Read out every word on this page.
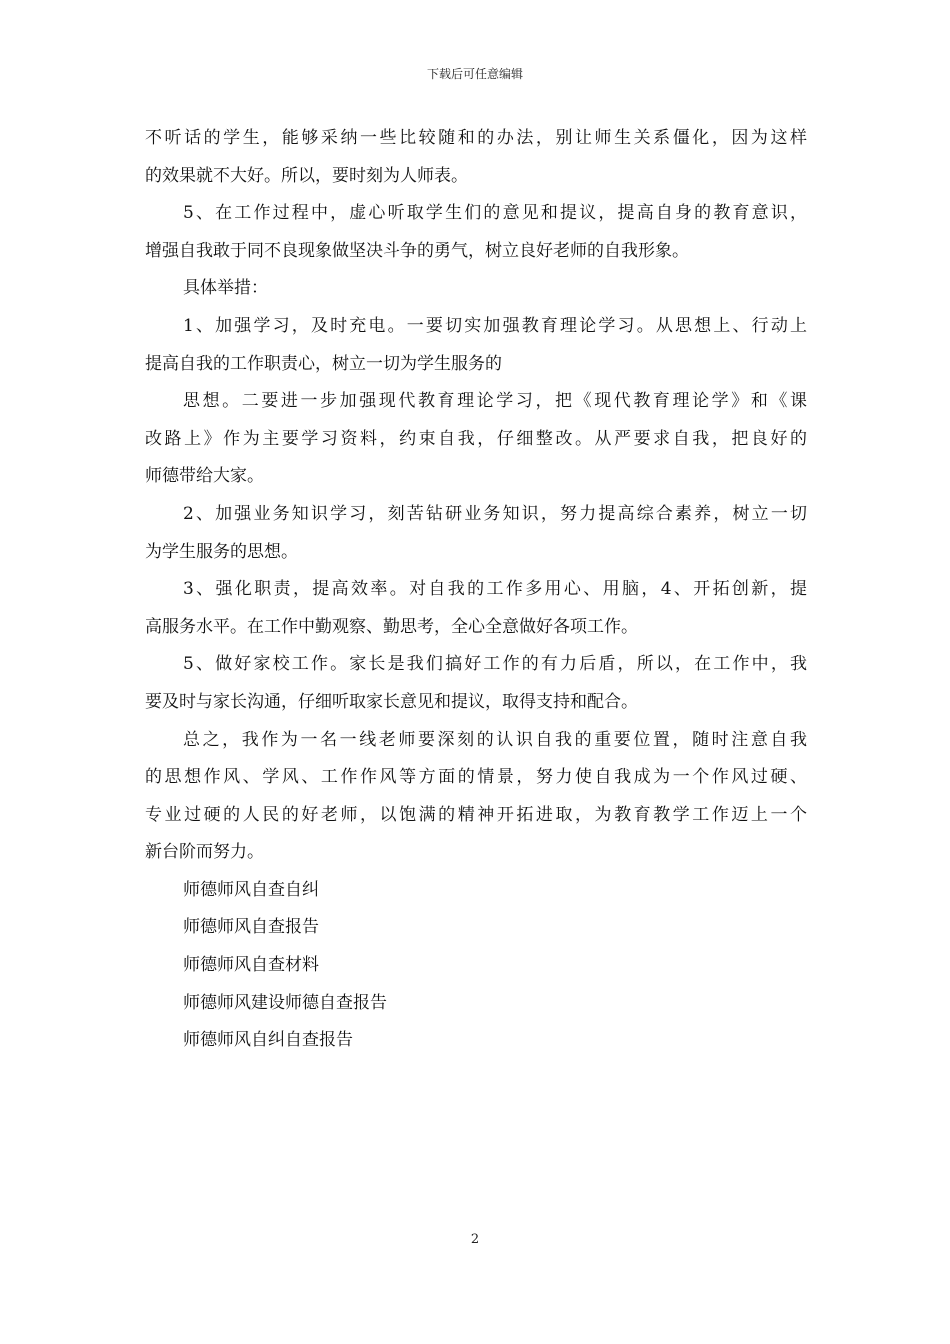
下载后可任意编辑
不听话的学生，能够采纳一些比较随和的办法，别让师生关系僵化，因为这样
的效果就不大好。所以，要时刻为人师表。
5、在工作过程中，虚心听取学生们的意见和提议，提高自身的教育意识，
增强自我敢于同不良现象做坚决斗争的勇气，树立良好老师的自我形象。
具体举措：
1、加强学习，及时充电。一要切实加强教育理论学习。从思想上、行动上
提高自我的工作职责心，树立一切为学生服务的
思想。二要进一步加强现代教育理论学习，把《现代教育理论学》和《课
改路上》作为主要学习资料，约束自我，仔细整改。从严要求自我，把良好的
师德带给大家。
2、加强业务知识学习，刻苦钻研业务知识，努力提高综合素养，树立一切
为学生服务的思想。
3、强化职责，提高效率。对自我的工作多用心、用脑，4、开拓创新，提
高服务水平。在工作中勤观察、勤思考，全心全意做好各项工作。
5、做好家校工作。家长是我们搞好工作的有力后盾，所以，在工作中，我
要及时与家长沟通，仔细听取家长意见和提议，取得支持和配合。
总之，我作为一名一线老师要深刻的认识自我的重要位置，随时注意自我
的思想作风、学风、工作作风等方面的情景，努力使自我成为一个作风过硬、
专业过硬的人民的好老师，以饱满的精神开拓进取，为教育教学工作迈上一个
新台阶而努力。
师德师风自查自纠
师德师风自查报告
师德师风自查材料
师德师风建设师德自查报告
师德师风自纠自查报告
2
